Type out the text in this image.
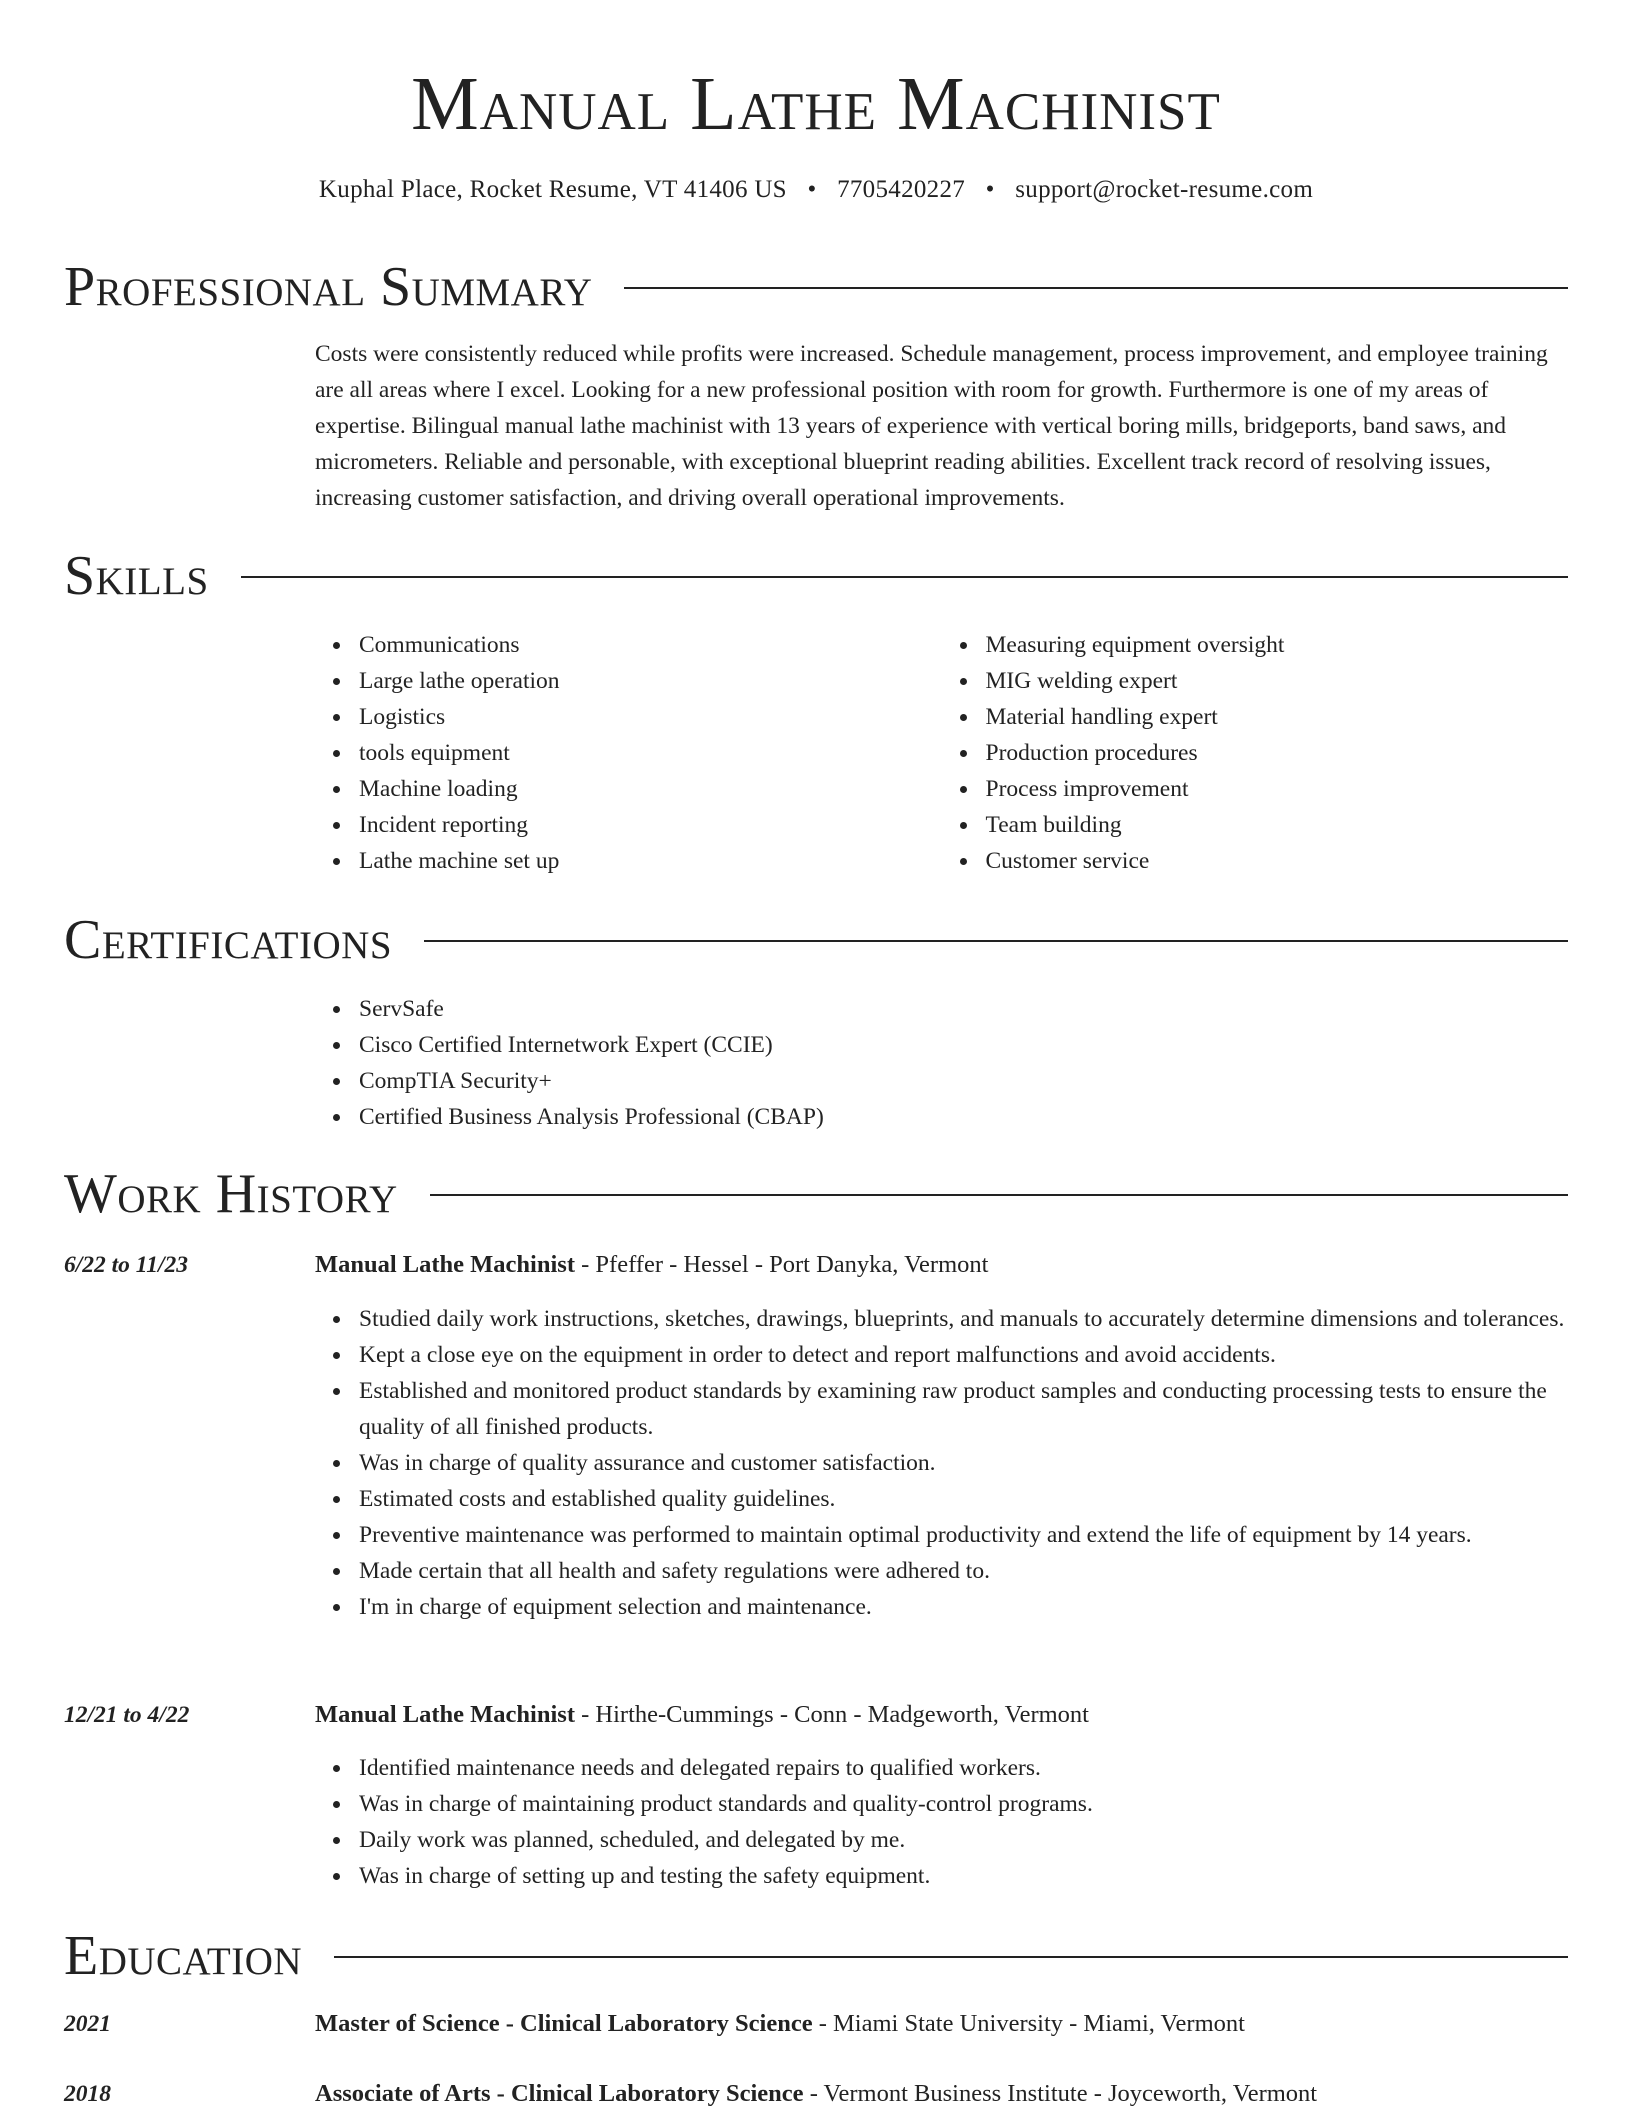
Manual Lathe Machinist
Kuphal Place, Rocket Resume, VT 41406 US • 7705420227 • support@rocket-resume.com
Professional Summary

Costs were consistently reduced while profits were increased. Schedule management, process improvement, and employee training are all areas where I excel. Looking for a new professional position with room for growth. Furthermore is one of my areas of expertise. Bilingual manual lathe machinist with 13 years of experience with vertical boring mills, bridgeports, band saws, and micrometers. Reliable and personable, with exceptional blueprint reading abilities. Excellent track record of resolving issues, increasing customer satisfaction, and driving overall operational improvements.

Skills
Communications
Large lathe operation
Logistics
tools equipment
Machine loading
Incident reporting
Lathe machine set up
Measuring equipment oversight
MIG welding expert
Material handling expert
Production procedures
Process improvement
Team building
Customer service
Certifications
ServSafe
Cisco Certified Internetwork Expert (CCIE)
CompTIA Security+
Certified Business Analysis Professional (CBAP)
Work History
6/22 to 11/23	Manual Lathe Machinist - Pfeffer - Hessel - Port Danyka, Vermont
Studied daily work instructions, sketches, drawings, blueprints, and manuals to accurately determine dimensions and tolerances.
Kept a close eye on the equipment in order to detect and report malfunctions and avoid accidents.
Established and monitored product standards by examining raw product samples and conducting processing tests to ensure the quality of all finished products.
Was in charge of quality assurance and customer satisfaction.
Estimated costs and established quality guidelines.
Preventive maintenance was performed to maintain optimal productivity and extend the life of equipment by 14 years.
Made certain that all health and safety regulations were adhered to.
I'm in charge of equipment selection and maintenance.
12/21 to 4/22	Manual Lathe Machinist - Hirthe-Cummings - Conn - Madgeworth, Vermont
Identified maintenance needs and delegated repairs to qualified workers.
Was in charge of maintaining product standards and quality-control programs.
Daily work was planned, scheduled, and delegated by me.
Was in charge of setting up and testing the safety equipment.
Education
2021	Master of Science - Clinical Laboratory Science - Miami State University - Miami, Vermont
2018	Associate of Arts - Clinical Laboratory Science - Vermont Business Institute - Joyceworth, Vermont
